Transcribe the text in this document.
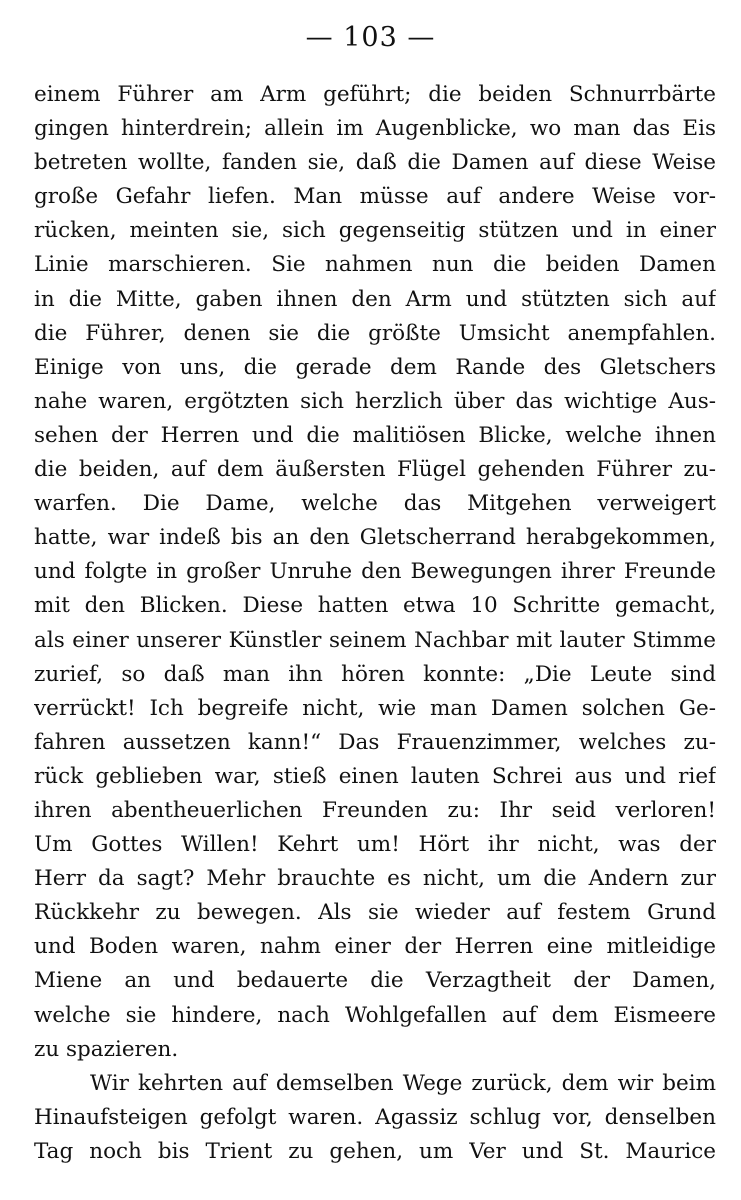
— 103 —
einem Führer am Arm geführt; die beiden Schnurrbärte
gingen hinterdrein; allein im Augenblicke, wo man das Eis
betreten wollte, fanden sie, daß die Damen auf diese Weise
große Gefahr liefen. Man müsse auf andere Weise vor-
rücken, meinten sie, sich gegenseitig stützen und in einer
Linie marschieren. Sie nahmen nun die beiden Damen
in die Mitte, gaben ihnen den Arm und stützten sich auf
die Führer, denen sie die größte Umsicht anempfahlen.
Einige von uns, die gerade dem Rande des Gletschers
nahe waren, ergötzten sich herzlich über das wichtige Aus-
sehen der Herren und die malitiösen Blicke, welche ihnen
die beiden, auf dem äußersten Flügel gehenden Führer zu-
warfen. Die Dame, welche das Mitgehen verweigert
hatte, war indeß bis an den Gletscherrand herabgekommen,
und folgte in großer Unruhe den Bewegungen ihrer Freunde
mit den Blicken. Diese hatten etwa 10 Schritte gemacht,
als einer unserer Künstler seinem Nachbar mit lauter Stimme
zurief, so daß man ihn hören konnte: „Die Leute sind
verrückt! Ich begreife nicht, wie man Damen solchen Ge-
fahren aussetzen kann!“ Das Frauenzimmer, welches zu-
rück geblieben war, stieß einen lauten Schrei aus und rief
ihren abentheuerlichen Freunden zu: Ihr seid verloren!
Um Gottes Willen! Kehrt um! Hört ihr nicht, was der
Herr da sagt? Mehr brauchte es nicht, um die Andern zur
Rückkehr zu bewegen. Als sie wieder auf festem Grund
und Boden waren, nahm einer der Herren eine mitleidige
Miene an und bedauerte die Verzagtheit der Damen,
welche sie hindere, nach Wohlgefallen auf dem Eismeere
zu spazieren.
Wir kehrten auf demselben Wege zurück, dem wir beim
Hinaufsteigen gefolgt waren. Agassiz schlug vor, denselben
Tag noch bis Trient zu gehen, um Ver und St. Maurice
